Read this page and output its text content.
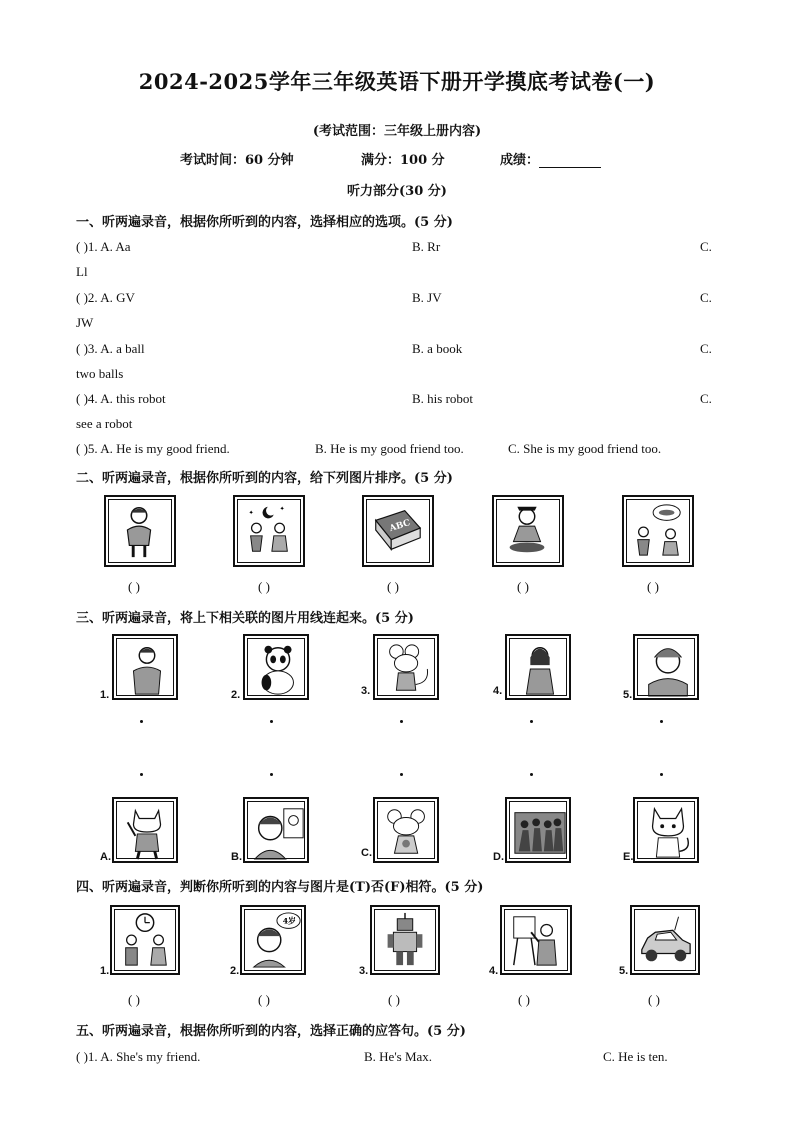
2024-2025学年三年级英语下册开学摸底考试卷(一)
(考试范围：三年级上册内容)
考试时间：60 分钟	满分：100 分	成绩：
听力部分(30 分)
一、听两遍录音，根据你所听到的内容，选择相应的选项。(5 分)
( )1. A. Aa	B. Rr	C.
Ll
( )2. A. GV	B. JV	C.
JW
( )3. A. a ball	B. a book	C.
two balls
( )4. A. this robot	B. his robot	C.
see a robot
( )5. A. He is my good friend.	B. He is my good friend too.	C. She is my good friend too.
二、听两遍录音，根据你所听到的内容，给下列图片排序。(5 分)
✦
✦
ABC
( )	( )	( )	( )	( )
三、听两遍录音，将上下相关联的图片用线连起来。(5 分)
1.	2.	3.	4.	5.
A.	B.	C.	D.	E.
四、听两遍录音，判断你所听到的内容与图片是(T)否(F)相符。(5 分)
1.	2.
4岁
3.	4.	5.
( )	( )	( )	( )	( )
五、听两遍录音，根据你所听到的内容，选择正确的应答句。(5 分)
( )1. A. She's my friend.	B. He's Max.	C. He is ten.
